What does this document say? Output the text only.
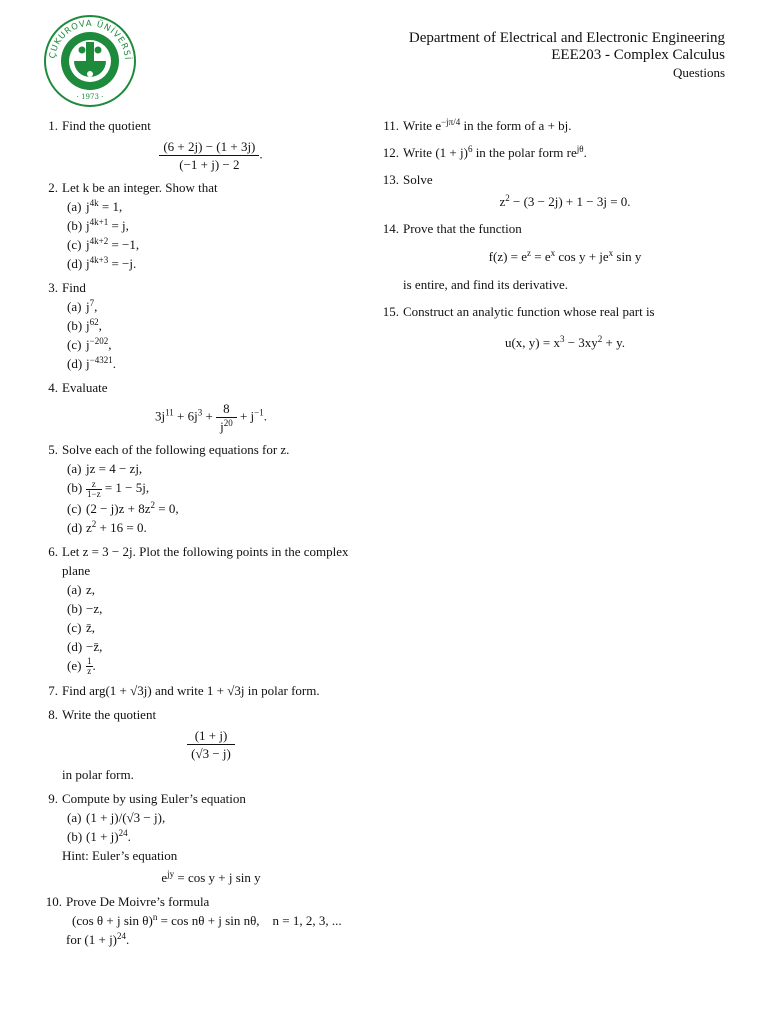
ÇUKUROVA ÜNİVERSİ
· 1973 ·
Department of Electrical and Electronic Engineering
EEE203 - Complex Calculus
Questions
1. Find the quotient
$\frac{(6 + 2j) - (1 + 3j)}{(-1 + j) - 2}$ .
2. Let k be an integer. Show that
(a) $j^{4k} = 1$,
(b) $j^{4k+1} = j$,
(c) $j^{4k+2} = -1$,
(d) $j^{4k+3} = -j$.
3. Find
(a) $j^7$,
(b) $j^{62}$,
(c) $j^{-202}$,
(d) $j^{-4321}$.
4. Evaluate
$3j^{11} + 6j^3 + \frac{8}{j^{20}} + j^{-1}$.
5. Solve each of the following equations for z.
(a) jz = 4 − zj,
$(b) \frac{z}{1-z} = 1 - 5j$,
(c) $(2 - j)z + 8z^2 = 0$,
(d) $z^2 + 16 = 0$.
6. Let z = 3 − 2j. Plot the following points in the complex plane
(a) z,
(b) −z,
(c) z̄,
(d) −z̄,
$(e) \frac{1}{z}$ .
7. Find arg(1 + √3j) and write 1 + √3j in polar form.
8. Write the quotient
$\frac{(1 + j)}{(√3 - j)}$
in polar form.
9. Compute by using Euler’s equation
(a) (1 + j)/(√3 − j),
(b) $(1 + j)^{24}$.
Hint: Euler’s equation
$e^{jy} = \cos y + j$ sin y
10. Prove De Moivre’s formula
(cos θ + j sin θ)$^n$ = cos nθ + j sin nθ, n = 1, 2, 3, ...
for $(1 + j)^{24}$.
11. Write $e^{-j\pi/4}$ in the form of a + bj.
12. Write $(1 + j)^6$ in the polar form $re^{j\theta}$.
13. Solve
$z^2 - (3 - 2j) + 1 - 3j = 0$.
14. Prove that the function
$f(z) = e^z = e^x$ $\cos y + je^x$ sin y
is entire, and find its derivative.
15. Construct an analytic function whose real part is
u(x, $y) = x^3 - 3xy^2 + y$.
